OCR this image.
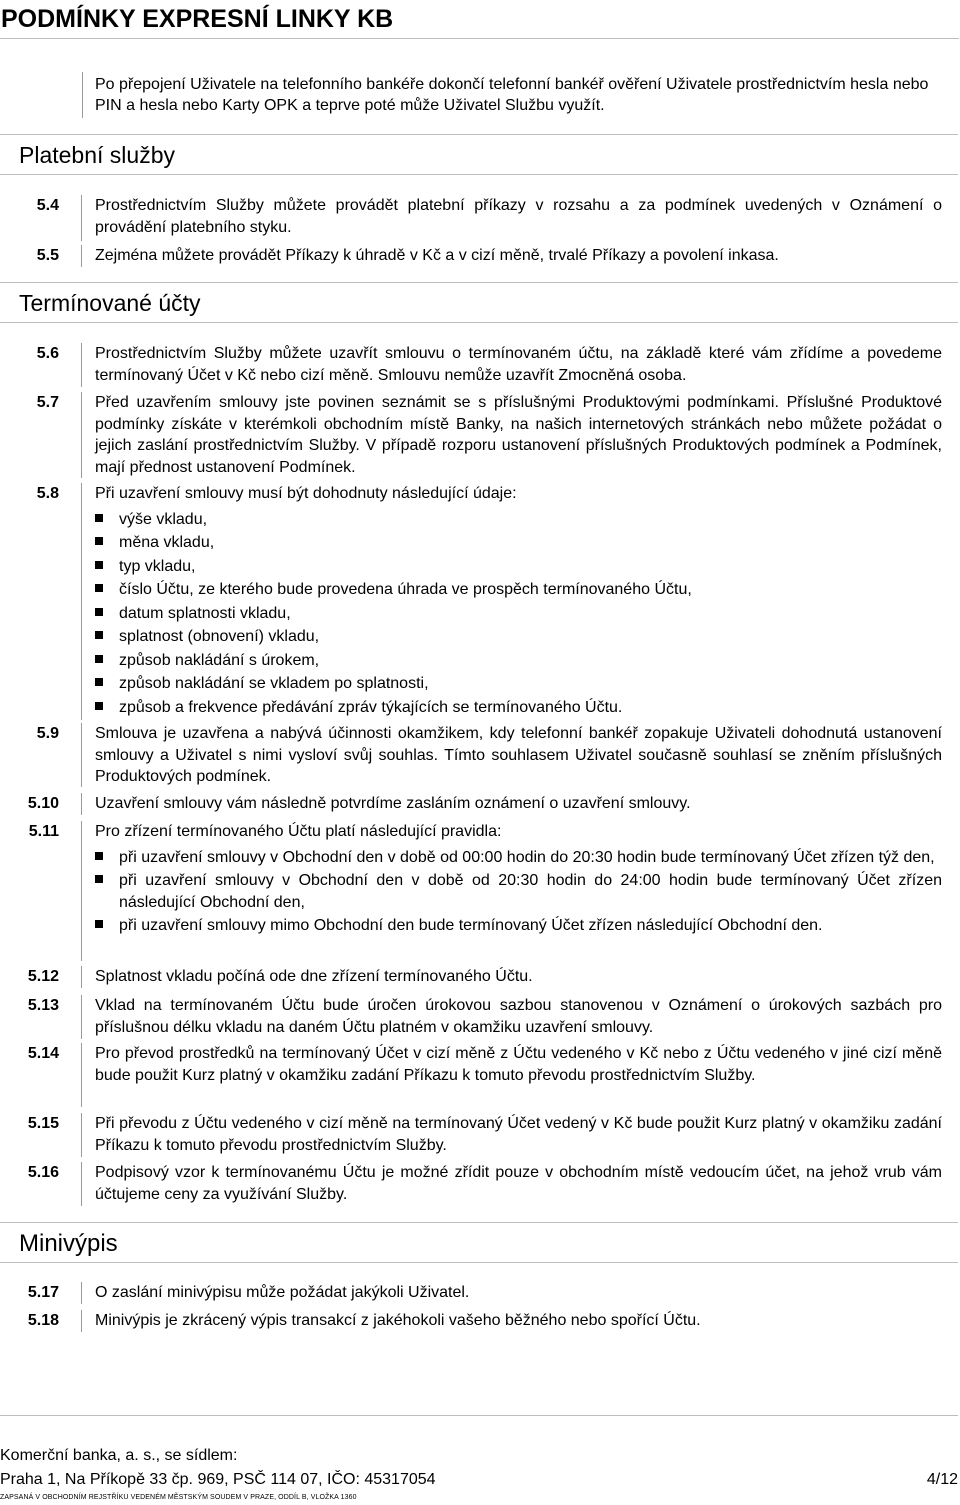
PODMÍNKY EXPRESNÍ LINKY KB
Po přepojení Uživatele na telefonního bankéře dokončí telefonní bankéř ověření Uživatele prostřednictvím hesla nebo PIN a hesla nebo Karty OPK a teprve poté může Uživatel Službu využít.
Platební služby
5.4	Prostřednictvím Služby můžete provádět platební příkazy v rozsahu a za podmínek uvedených v Oznámení o provádění platebního styku.
5.5	Zejména můžete provádět Příkazy k úhradě v Kč a v cizí měně, trvalé Příkazy a povolení inkasa.
Termínované účty
5.6	Prostřednictvím Služby můžete uzavřít smlouvu o termínovaném účtu, na základě které vám zřídíme a povedeme termínovaný Účet v Kč nebo cizí měně. Smlouvu nemůže uzavřít Zmocněná osoba.
5.7	Před uzavřením smlouvy jste povinen seznámit se s příslušnými Produktovými podmínkami. Příslušné Produktové podmínky získáte v kterémkoli obchodním místě Banky, na našich internetových stránkách nebo můžete požádat o jejich zaslání prostřednictvím Služby. V případě rozporu ustanovení příslušných Produktových podmínek a Podmínek, mají přednost ustanovení Podmínek.
5.8	Při uzavření smlouvy musí být dohodnuty následující údaje:

výše vkladu,
měna vkladu,
typ vkladu,
číslo Účtu, ze kterého bude provedena úhrada ve prospěch termínovaného Účtu,
datum splatnosti vkladu,
splatnost (obnovení) vkladu,
způsob nakládání s úrokem,
způsob nakládání se vkladem po splatnosti,
způsob a frekvence předávání zpráv týkajících se termínovaného Účtu.
5.9	Smlouva je uzavřena a nabývá účinnosti okamžikem, kdy telefonní bankéř zopakuje Uživateli dohodnutá ustanovení smlouvy a Uživatel s nimi vysloví svůj souhlas. Tímto souhlasem Uživatel současně souhlasí se zněním příslušných Produktových podmínek.
5.10	Uzavření smlouvy vám následně potvrdíme zasláním oznámení o uzavření smlouvy.
5.11	Pro zřízení termínovaného Účtu platí následující pravidla:

při uzavření smlouvy v Obchodní den v době od 00:00 hodin do 20:30 hodin bude termínovaný Účet zřízen týž den,
při uzavření smlouvy v Obchodní den v době od 20:30 hodin do 24:00 hodin bude termínovaný Účet zřízen následující Obchodní den,
při uzavření smlouvy mimo Obchodní den bude termínovaný Účet zřízen následující Obchodní den.
5.12	Splatnost vkladu počíná ode dne zřízení termínovaného Účtu.
5.13	Vklad na termínovaném Účtu bude úročen úrokovou sazbou stanovenou v Oznámení o úrokových sazbách pro příslušnou délku vkladu na daném Účtu platném v okamžiku uzavření smlouvy.
5.14	Pro převod prostředků na termínovaný Účet v cizí měně z Účtu vedeného v Kč nebo z Účtu vedeného v jiné cizí měně bude použit Kurz platný v okamžiku zadání Příkazu k tomuto převodu prostřednictvím Služby.
5.15	Při převodu z Účtu vedeného v cizí měně na termínovaný Účet vedený v Kč bude použit Kurz platný v okamžiku zadání Příkazu k tomuto převodu prostřednictvím Služby.
5.16	Podpisový vzor k termínovanému Účtu je možné zřídit pouze v obchodním místě vedoucím účet, na jehož vrub vám účtujeme ceny za využívání Služby.
Minivýpis
5.17	O zaslání minivýpisu může požádat jakýkoli Uživatel.
5.18	Minivýpis je zkrácený výpis transakcí z jakéhokoli vašeho běžného nebo spořící Účtu.
Komerční banka, a. s., se sídlem:
Praha 1, Na Příkopě 33 čp. 969, PSČ 114 07, IČO: 45317054
ZAPSANÁ V OBCHODNÍM REJSTŘÍKU VEDENÉM MĚSTSKÝM SOUDEM V PRAZE, ODDÍL B, VLOŽKA 1360
4/12
